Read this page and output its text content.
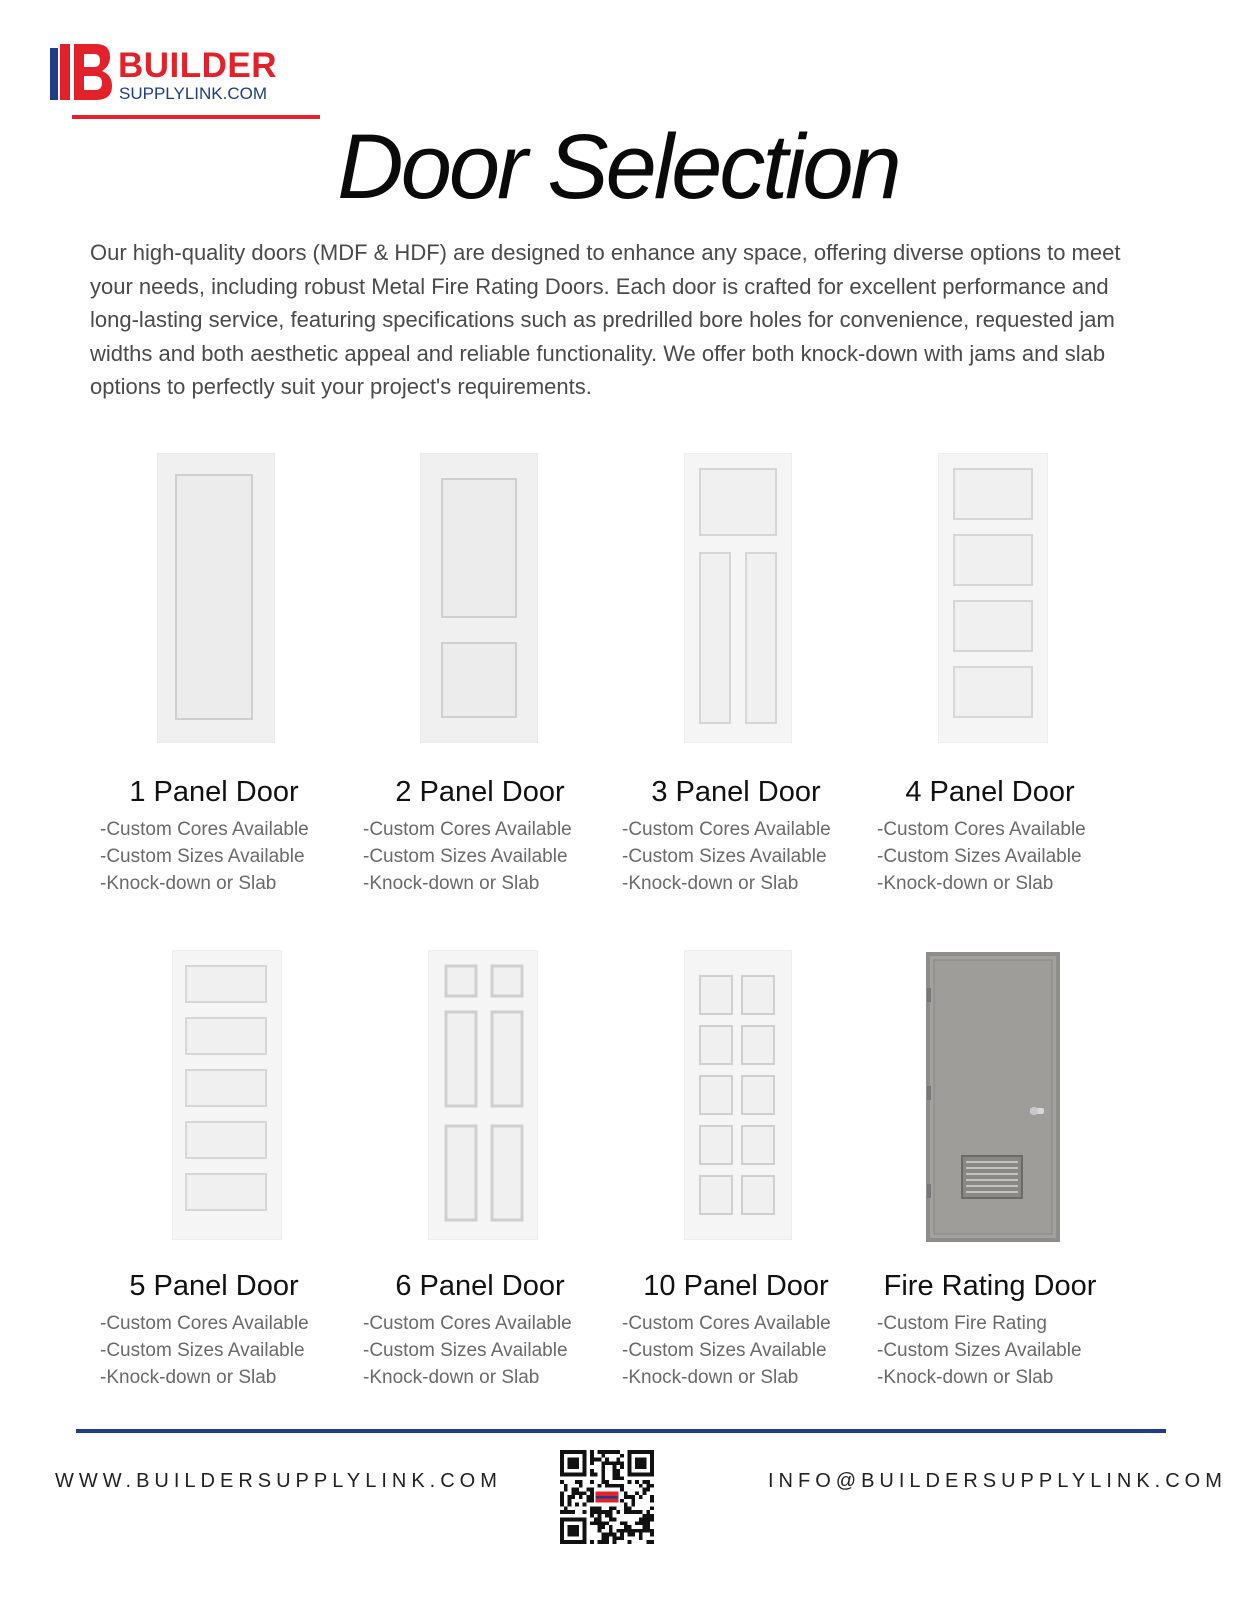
BUILDER
SUPPLYLINK.COM
Door Selection
Our high-quality doors (MDF & HDF) are designed to enhance any space, offering diverse options to meet your needs, including robust Metal Fire Rating Doors. Each door is crafted for excellent performance and long-lasting service, featuring specifications such as predrilled bore holes for convenience, requested jam widths and both aesthetic appeal and reliable functionality. We offer both knock-down with jams and slab options to perfectly suit your project's requirements.
1 Panel Door
-Custom Cores Available
-Custom Sizes Available
-Knock-down or Slab
2 Panel Door
-Custom Cores Available
-Custom Sizes Available
-Knock-down or Slab
3 Panel Door
-Custom Cores Available
-Custom Sizes Available
-Knock-down or Slab
4 Panel Door
-Custom Cores Available
-Custom Sizes Available
-Knock-down or Slab
5 Panel Door
-Custom Cores Available
-Custom Sizes Available
-Knock-down or Slab
6 Panel Door
-Custom Cores Available
-Custom Sizes Available
-Knock-down or Slab
10 Panel Door
-Custom Cores Available
-Custom Sizes Available
-Knock-down or Slab
Fire Rating Door
-Custom Fire Rating
-Custom Sizes Available
-Knock-down or Slab
WWW.BUILDERSUPPLYLINK.COM	INFO@BUILDERSUPPLYLINK.COM
